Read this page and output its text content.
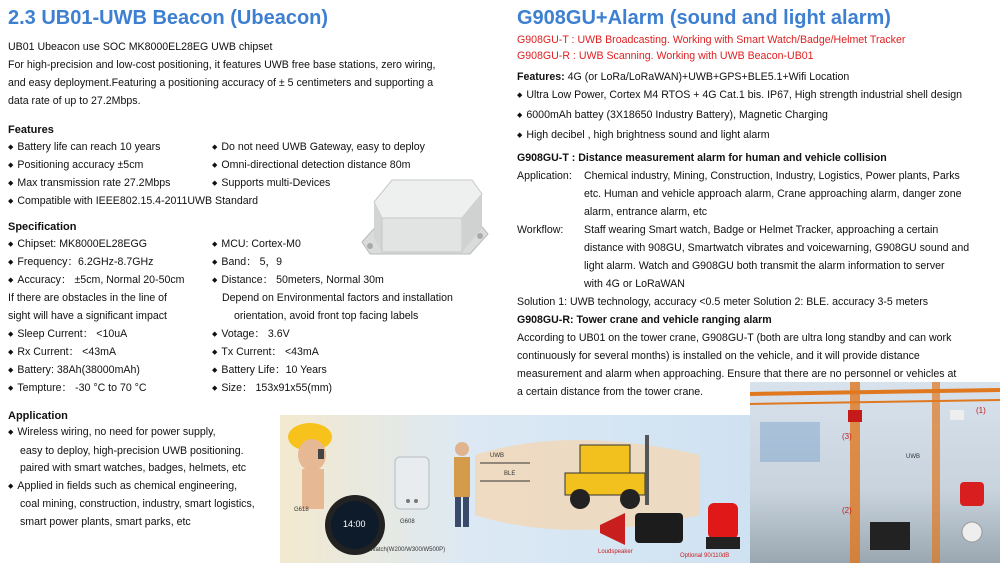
2.3 UB01-UWB Beacon (Ubeacon)
UB01 Ubeacon use SOC MK8000EL28EG UWB chipset
For high-precision and low-cost positioning, it features UWB free base stations, zero wiring,
and easy deployment.Featuring a positioning accuracy of ± 5 centimeters and supporting a
data rate of up to 27.2Mbps.
Features
◆ Battery life can reach 10 years	◆ Do not need UWB Gateway, easy to deploy
◆ Positioning accuracy ±5cm	◆ Omni-directional detection distance 80m
◆ Max transmission rate 27.2Mbps	◆ Supports multi-Devices
◆ Compatible with IEEE802.15.4-2011UWB Standard
Specification
◆ Chipset: MK8000EL28EGG	◆ MCU: Cortex-M0
◆ Frequency：6.2GHz-8.7GHz	◆ Band： 5，9
◆ Accuracy： ±5cm, Normal 20-50cm	◆ Distance： 50meters, Normal 30m
If there are obstacles in the line of	Depend on Environmental factors and installation
sight will have a significant impact	orientation, avoid front top facing labels
◆ Sleep Current： <10uA	◆ Votage： 3.6V
◆ Rx Current： <43mA	◆ Tx Current： <43mA
◆ Battery: 38Ah(38000mAh)	◆ Battery Life：10 Years
◆ Tempture： -30 °C to 70 °C	◆ Size： 153x91x55(mm)
Application
◆ Wireless wiring, no need for power supply,
easy to deploy, high-precision UWB positioning.
paired with smart watches, badges, helmets, etc
◆ Applied in fields such as chemical engineering,
coal mining, construction, industry, smart logistics,
smart power plants, smart parks, etc
G908GU+Alarm (sound and light alarm)
G908GU-T : UWB Broadcasting. Working with Smart Watch/Badge/Helmet Tracker
G908GU-R : UWB Scanning. Working with UWB Beacon-UB01
Features: 4G (or LoRa/LoRaWAN)+UWB+GPS+BLE5.1+Wifi Location
◆ Ultra Low Power, Cortex M4 RTOS + 4G Cat.1 bis. IP67, High strength industrial shell design
◆ 6000mAh battey (3X18650 Industry Battery), Magnetic Charging
◆ High decibel , high brightness sound and light alarm
G908GU-T : Distance measurement alarm for human and vehicle collision
Application:	Chemical industry, Mining, Construction, Industry, Logistics, Power plants, Parks
etc. Human and vehicle approach alarm, Crane approaching alarm, danger zone
alarm, entrance alarm, etc
Workflow:	Staff wearing Smart watch, Badge or Helmet Tracker, approaching a certain
distance with 908GU, Smartwatch vibrates and voicewarning, G908GU sound and
light alarm. Watch and G908GU both transmit the alarm information to server
with 4G or LoRaWAN
Solution 1: UWB technology, accuracy <0.5 meter Solution 2: BLE. accuracy 3-5 meters
G908GU-R: Tower crane and vehicle ranging alarm
According to UB01 on the tower crane, G908GU-T (both are ultra long standby and can work
continuously for several months) is installed on the vehicle, and it will provide distance
measurement and alarm when approaching. Ensure that there are no personnel or vehicles at
a certain distance from the tower crane.
G618
14:00	G608
Watch(W200/W300/W500P)
UWB
BLE
Loudspeaker
Optional 90/110dB
(1)
(3)
(2)
UWB
